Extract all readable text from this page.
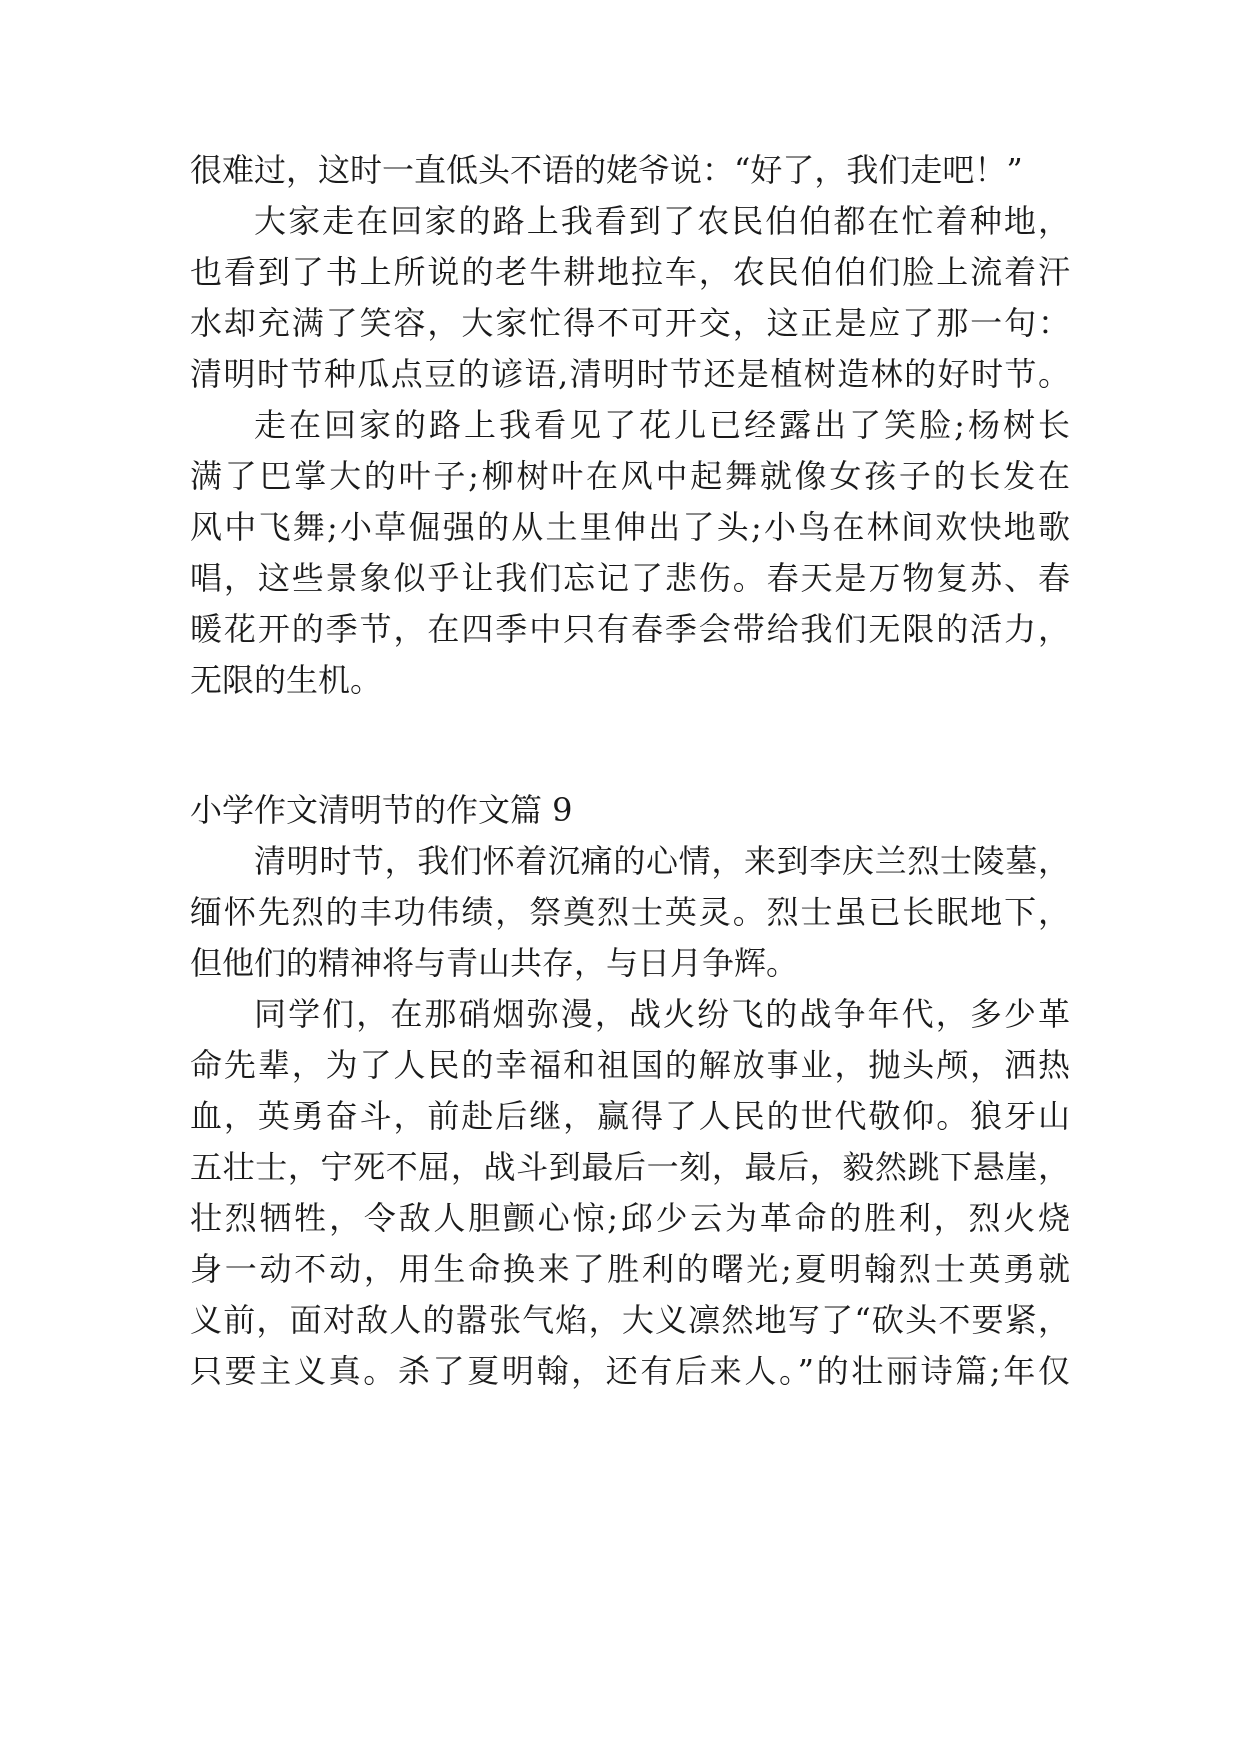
很难过，这时一直低头不语的姥爷说：“好了，我们走吧！”
大家走在回家的路上我看到了农民伯伯都在忙着种地，
也看到了书上所说的老牛耕地拉车，农民伯伯们脸上流着汗
水却充满了笑容，大家忙得不可开交，这正是应了那一句：
清明时节种瓜点豆的谚语,清明时节还是植树造林的好时节。
走在回家的路上我看见了花儿已经露出了笑脸;杨树长
满了巴掌大的叶子;柳树叶在风中起舞就像女孩子的长发在
风中飞舞;小草倔强的从土里伸出了头;小鸟在林间欢快地歌
唱，这些景象似乎让我们忘记了悲伤。春天是万物复苏、春
暖花开的季节，在四季中只有春季会带给我们无限的活力，
无限的生机。
小学作文清明节的作文篇 9
清明时节，我们怀着沉痛的心情，来到李庆兰烈士陵墓，
缅怀先烈的丰功伟绩，祭奠烈士英灵。烈士虽已长眠地下，
但他们的精神将与青山共存，与日月争辉。
同学们，在那硝烟弥漫，战火纷飞的战争年代，多少革
命先辈，为了人民的幸福和祖国的解放事业，抛头颅，洒热
血，英勇奋斗，前赴后继，赢得了人民的世代敬仰。狼牙山
五壮士，宁死不屈，战斗到最后一刻，最后，毅然跳下悬崖，
壮烈牺牲，令敌人胆颤心惊;邱少云为革命的胜利，烈火烧
身一动不动，用生命换来了胜利的曙光;夏明翰烈士英勇就
义前，面对敌人的嚣张气焰，大义凛然地写了“砍头不要紧，
只要主义真。杀了夏明翰，还有后来人。”的壮丽诗篇;年仅
